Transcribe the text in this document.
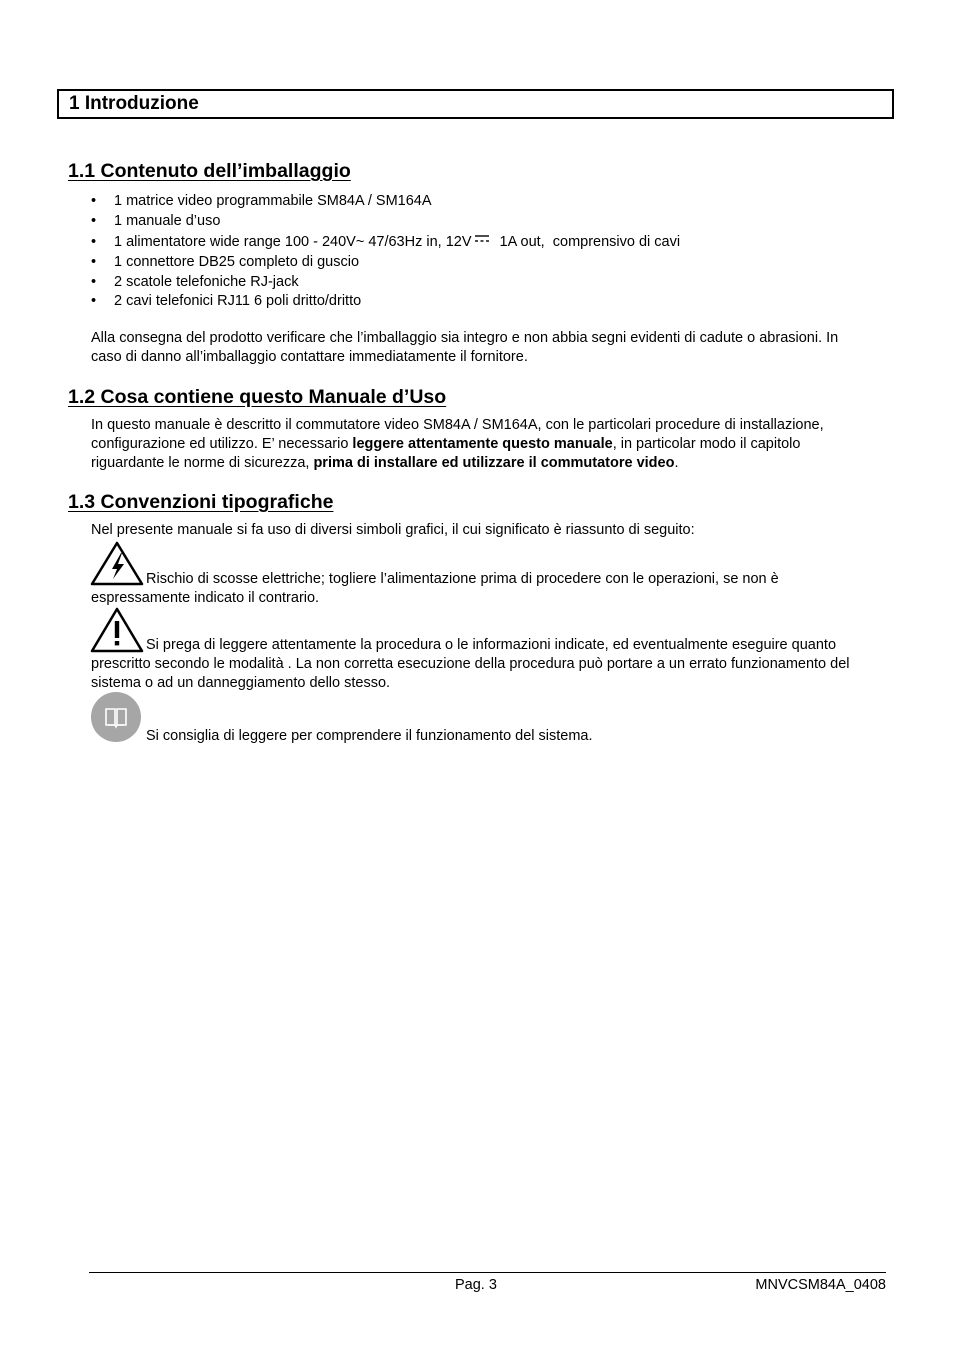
1 Introduzione
1.1 Contenuto dell’imballaggio
• 1 matrice video programmabile SM84A / SM164A
• 1 manuale d’uso
• 1 alimentatore wide range 100 - 240V~ 47/63Hz in, 12V  1A out,  comprensivo di cavi
• 1 connettore DB25 completo di guscio
• 2 scatole telefoniche RJ-jack
• 2 cavi telefonici RJ11 6 poli dritto/dritto
Alla consegna del prodotto verificare che l’imballaggio sia integro e non abbia segni evidenti di cadute o abrasioni. In caso di danno all’imballaggio contattare immediatamente il fornitore.
1.2 Cosa contiene questo Manuale d’Uso
In questo manuale è descritto il commutatore video SM84A / SM164A, con le particolari procedure di installazione, configurazione ed utilizzo. E’ necessario leggere attentamente questo manuale, in particolar modo il capitolo riguardante le norme di sicurezza, prima di installare ed utilizzare il commutatore video.
1.3 Convenzioni tipografiche
Nel presente manuale si fa uso di diversi simboli grafici, il cui significato è riassunto di seguito:
Rischio di scosse elettriche; togliere l’alimentazione prima di procedere con le operazioni, se non è espressamente indicato il contrario.
Si prega di leggere attentamente la procedura o le informazioni indicate, ed eventualmente eseguire quanto prescritto secondo le modalità . La non corretta esecuzione della procedura può portare a un errato funzionamento del sistema o ad un danneggiamento dello stesso.
Si consiglia di leggere per comprendere il funzionamento del sistema.
Pag. 3	MNVCSM84A_0408
